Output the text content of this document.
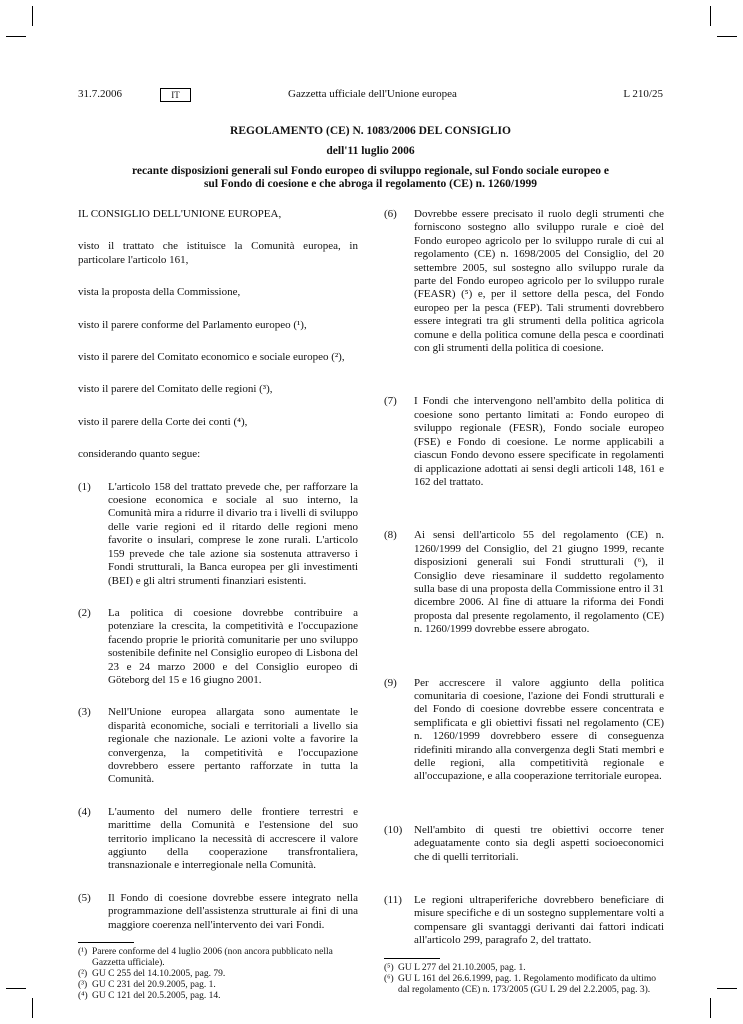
31.7.2006	IT	Gazzetta ufficiale dell'Unione europea	L 210/25
REGOLAMENTO (CE) N. 1083/2006 DEL CONSIGLIO
dell'11 luglio 2006
recante disposizioni generali sul Fondo europeo di sviluppo regionale, sul Fondo sociale europeo e
sul Fondo di coesione e che abroga il regolamento (CE) n. 1260/1999

IL CONSIGLIO DELL'UNIONE EUROPEA,

visto il trattato che istituisce la Comunità europea, in particolare l'articolo 161,

vista la proposta della Commissione,

visto il parere conforme del Parlamento europeo (¹),

visto il parere del Comitato economico e sociale europeo (²),

visto il parere del Comitato delle regioni (³),

visto il parere della Corte dei conti (⁴),

considerando quanto segue:

(1)	L'articolo 158 del trattato prevede che, per rafforzare la coesione economica e sociale al suo interno, la Comunità mira a ridurre il divario tra i livelli di sviluppo delle varie regioni ed il ritardo delle regioni meno favorite o insulari, comprese le zone rurali. L'articolo 159 prevede che tale azione sia sostenuta attraverso i Fondi strutturali, la Banca europea per gli investimenti (BEI) e gli altri strumenti finanziari esistenti.
(2)	La politica di coesione dovrebbe contribuire a potenziare la crescita, la competitività e l'occupazione facendo proprie le priorità comunitarie per uno sviluppo sostenibile definite nel Consiglio europeo di Lisbona del 23 e 24 marzo 2000 e del Consiglio europeo di Göteborg del 15 e 16 giugno 2001.
(3)	Nell'Unione europea allargata sono aumentate le disparità economiche, sociali e territoriali a livello sia regionale che nazionale. Le azioni volte a favorire la convergenza, la competitività e l'occupazione dovrebbero essere pertanto rafforzate in tutta la Comunità.
(4)	L'aumento del numero delle frontiere terrestri e marittime della Comunità e l'estensione del suo territorio implicano la necessità di accrescere il valore aggiunto della cooperazione transfrontaliera, transnazionale e interregionale nella Comunità.
(5)	Il Fondo di coesione dovrebbe essere integrato nella programmazione dell'assistenza strutturale ai fini di una maggiore coerenza nell'intervento dei vari Fondi.
(¹) Parere conforme del 4 luglio 2006 (non ancora pubblicato nella Gazzetta ufficiale).
(²) GU C 255 del 14.10.2005, pag. 79.
(³) GU C 231 del 20.9.2005, pag. 1.
(⁴) GU C 121 del 20.5.2005, pag. 14.
(6)	Dovrebbe essere precisato il ruolo degli strumenti che forniscono sostegno allo sviluppo rurale e cioè del Fondo europeo agricolo per lo sviluppo rurale di cui al regolamento (CE) n. 1698/2005 del Consiglio, del 20 settembre 2005, sul sostegno allo sviluppo rurale da parte del Fondo europeo agricolo per lo sviluppo rurale (FEASR) (⁵) e, per il settore della pesca, del Fondo europeo per la pesca (FEP). Tali strumenti dovrebbero essere integrati tra gli strumenti della politica agricola comune e della politica comune della pesca e coordinati con gli strumenti della politica di coesione.
(7)	I Fondi che intervengono nell'ambito della politica di coesione sono pertanto limitati a: Fondo europeo di sviluppo regionale (FESR), Fondo sociale europeo (FSE) e Fondo di coesione. Le norme applicabili a ciascun Fondo devono essere specificate in regolamenti di applicazione adottati ai sensi degli articoli 148, 161 e 162 del trattato.
(8)	Ai sensi dell'articolo 55 del regolamento (CE) n. 1260/1999 del Consiglio, del 21 giugno 1999, recante disposizioni generali sui Fondi strutturali (⁶), il Consiglio deve riesaminare il suddetto regolamento sulla base di una proposta della Commissione entro il 31 dicembre 2006. Al fine di attuare la riforma dei Fondi proposta dal presente regolamento, il regolamento (CE) n. 1260/1999 dovrebbe essere abrogato.
(9)	Per accrescere il valore aggiunto della politica comunitaria di coesione, l'azione dei Fondi strutturali e del Fondo di coesione dovrebbe essere concentrata e semplificata e gli obiettivi fissati nel regolamento (CE) n. 1260/1999 dovrebbero essere di conseguenza ridefiniti mirando alla convergenza degli Stati membri e delle regioni, alla competitività regionale e all'occupazione, e alla cooperazione territoriale europea.
(10)	Nell'ambito di questi tre obiettivi occorre tener adeguatamente conto sia degli aspetti socioeconomici che di quelli territoriali.
(11)	Le regioni ultraperiferiche dovrebbero beneficiare di misure specifiche e di un sostegno supplementare volti a compensare gli svantaggi derivanti dai fattori indicati all'articolo 299, paragrafo 2, del trattato.
(⁵) GU L 277 del 21.10.2005, pag. 1.
(⁶) GU L 161 del 26.6.1999, pag. 1. Regolamento modificato da ultimo dal regolamento (CE) n. 173/2005 (GU L 29 del 2.2.2005, pag. 3).
